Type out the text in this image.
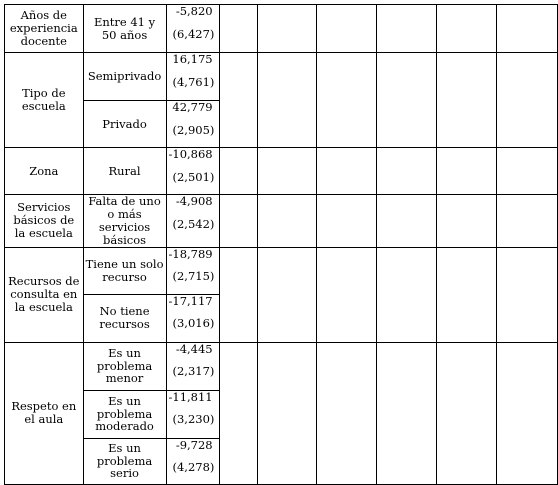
Años de experiencia docente	Entre 41 y 50 años	-5,820
(6,427)						

Tipo de escuela	Semiprivado	16,175
(4,761)						

	Privado	42,779
(2,905)						

Zona	Rural	-10,868
(2,501)						

Servicios básicos de la escuela	Falta de uno o más servicios básicos	-4,908
(2,542)						

Recursos de consulta en la escuela	Tiene un solo recurso	-18,789
(2,715)						

	No tiene recursos	-17,117
(3,016)						

Respeto en el aula	Es un problema menor	-4,445
(2,317)						

	Es un problema moderado	-11,811
(3,230)						

	Es un problema serio	-9,728
(4,278)						
